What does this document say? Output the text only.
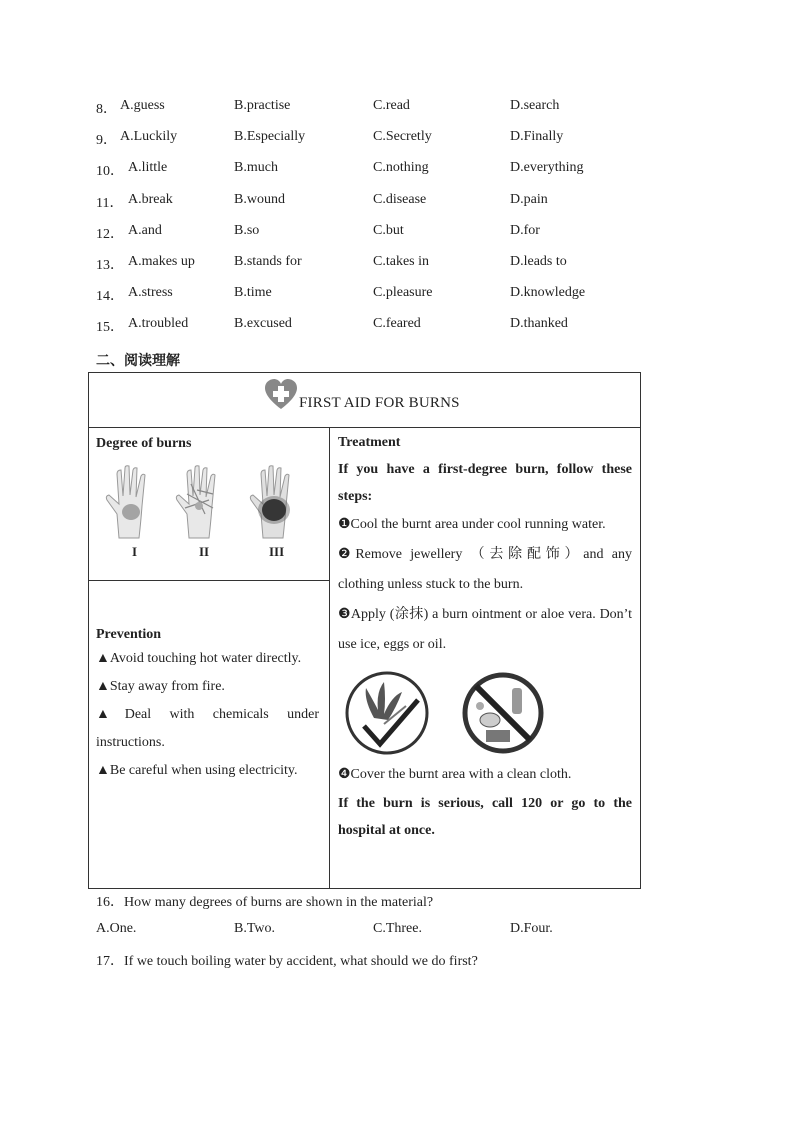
8． A.guess	B.practise	C.read	D.search
9． A.Luckily	B.Especially	C.Secretly	D.Finally
10． A.little	B.much	C.nothing	D.everything
11． A.break	B.wound	C.disease	D.pain
12． A.and	B.so	C.but	D.for
13． A.makes up	B.stands for	C.takes in	D.leads to
14． A.stress	B.time	C.pleasure	D.knowledge
15． A.troubled	B.excused	C.feared	D.thanked
二、阅读理解
FIRST AID FOR BURNS

Degree of burns
I	II	III

Treatment
If you have a first-degree burn, follow these steps:
❶Cool the burnt area under cool running water.
❷Remove jewellery （去除配饰）and any clothing unless stuck to the burn.
❸Apply (涂抹) a burn ointment or aloe vera. Don’t use ice, eggs or oil.
❹Cover the burnt area with a clean cloth.
If the burn is serious, call 120 or go to the hospital at once.

Prevention
▲Avoid touching hot water directly.
▲Stay away from fire.
▲Deal with chemicals under instructions.
▲Be careful when using electricity.
16．How many degrees of burns are shown in the material?
A.One.	B.Two.	C.Three.	D.Four.
17．If we touch boiling water by accident, what should we do first?
